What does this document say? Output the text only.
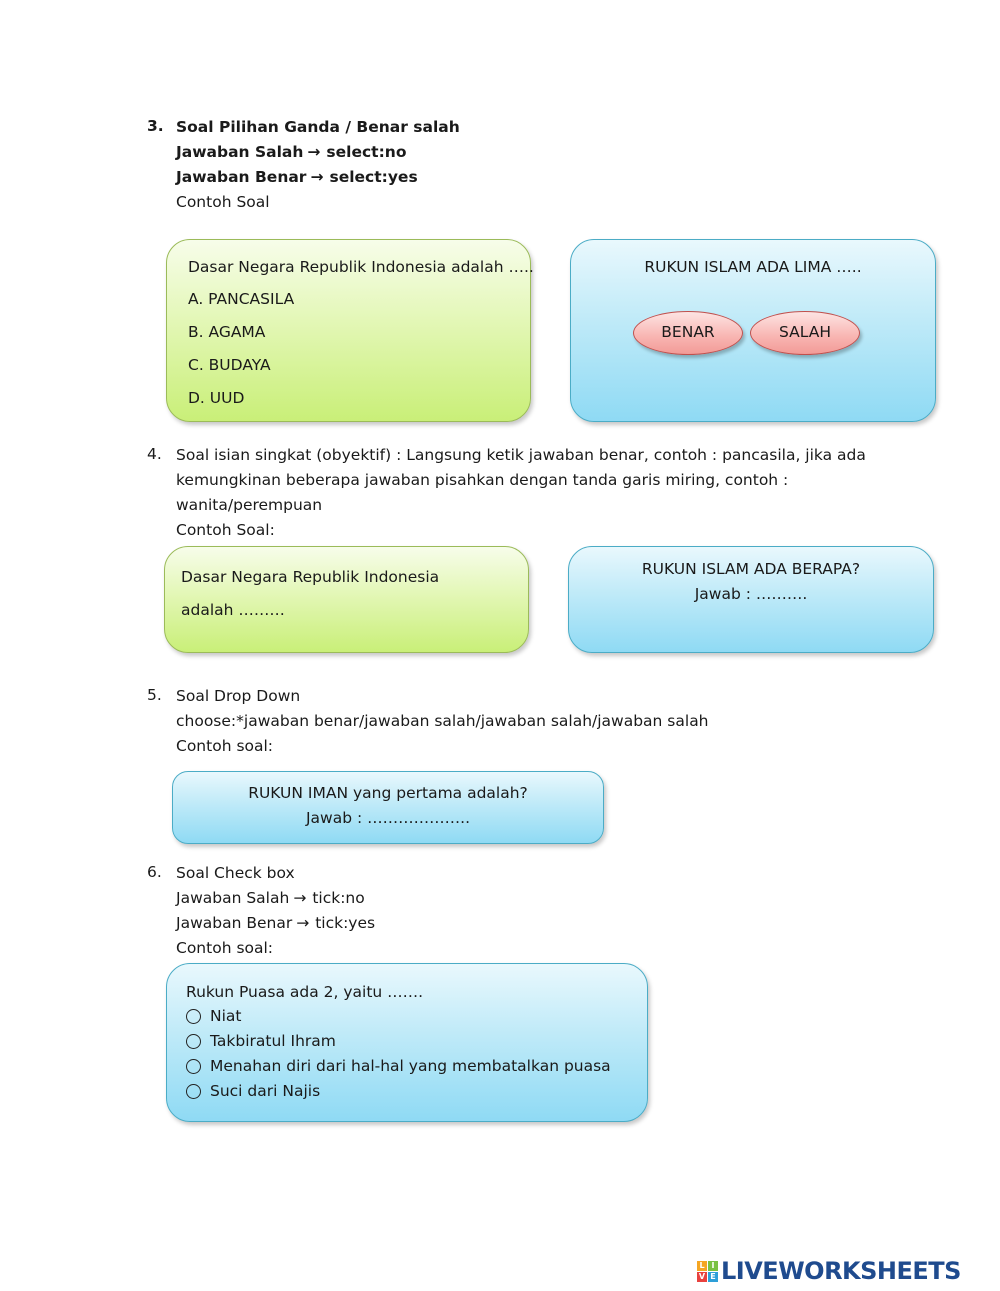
3. Soal Pilihan Ganda / Benar salah
Jawaban Salah → select:no
Jawaban Benar → select:yes
Contoh Soal
Dasar Negara Republik Indonesia adalah …..
A. PANCASILA
B. AGAMA
C. BUDAYA
D. UUD
RUKUN ISLAM ADA LIMA …..
BENAR	SALAH
4. Soal isian singkat (obyektif) : Langsung ketik jawaban benar, contoh : pancasila, jika ada
kemungkinan beberapa jawaban pisahkan dengan tanda garis miring, contoh :
wanita/perempuan
Contoh Soal:
Dasar Negara Republik Indonesia
adalah ………
RUKUN ISLAM ADA BERAPA?
Jawab : ……….
5. Soal Drop Down
choose:*jawaban benar/jawaban salah/jawaban salah/jawaban salah
Contoh soal:
RUKUN IMAN yang pertama adalah?
Jawab : ………………..
6. Soal Check box
Jawaban Salah → tick:no
Jawaban Benar → tick:yes
Contoh soal:
Rukun Puasa ada 2, yaitu …….
Niat
Takbiratul Ihram
Menahan diri dari hal-hal yang membatalkan puasa
Suci dari Najis
L I
V E LIVEWORKSHEETS
